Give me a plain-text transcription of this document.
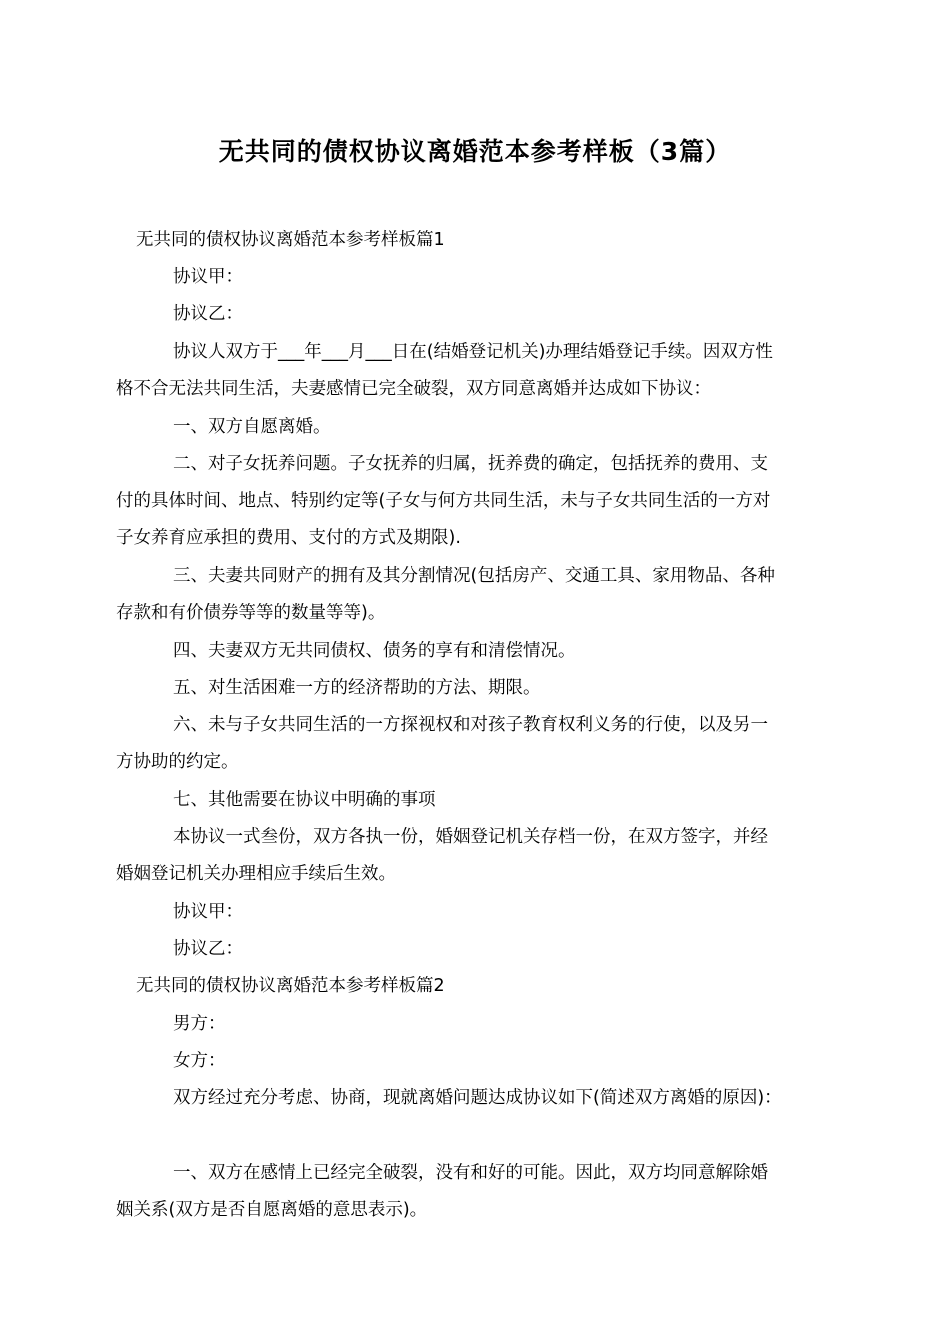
无共同的债权协议离婚范本参考样板（3篇）
无共同的债权协议离婚范本参考样板篇1
协议甲：
协议乙：
协议人双方于___年___月___日在(结婚登记机关)办理结婚登记手续。因双方性
格不合无法共同生活，夫妻感情已完全破裂，双方同意离婚并达成如下协议：
一、双方自愿离婚。
二、对子女抚养问题。子女抚养的归属，抚养费的确定，包括抚养的费用、支
付的具体时间、地点、特别约定等(子女与何方共同生活，未与子女共同生活的一方对
子女养育应承担的费用、支付的方式及期限).
三、夫妻共同财产的拥有及其分割情况(包括房产、交通工具、家用物品、各种
存款和有价债券等等的数量等等)。
四、夫妻双方无共同债权、债务的享有和清偿情况。
五、对生活困难一方的经济帮助的方法、期限。
六、未与子女共同生活的一方探视权和对孩子教育权利义务的行使，以及另一
方协助的约定。
七、其他需要在协议中明确的事项
本协议一式叁份，双方各执一份，婚姻登记机关存档一份，在双方签字，并经
婚姻登记机关办理相应手续后生效。
协议甲：
协议乙：
无共同的债权协议离婚范本参考样板篇2
男方：
女方：
双方经过充分考虑、协商，现就离婚问题达成协议如下(简述双方离婚的原因)：
一、双方在感情上已经完全破裂，没有和好的可能。因此，双方均同意解除婚
姻关系(双方是否自愿离婚的意思表示)。
